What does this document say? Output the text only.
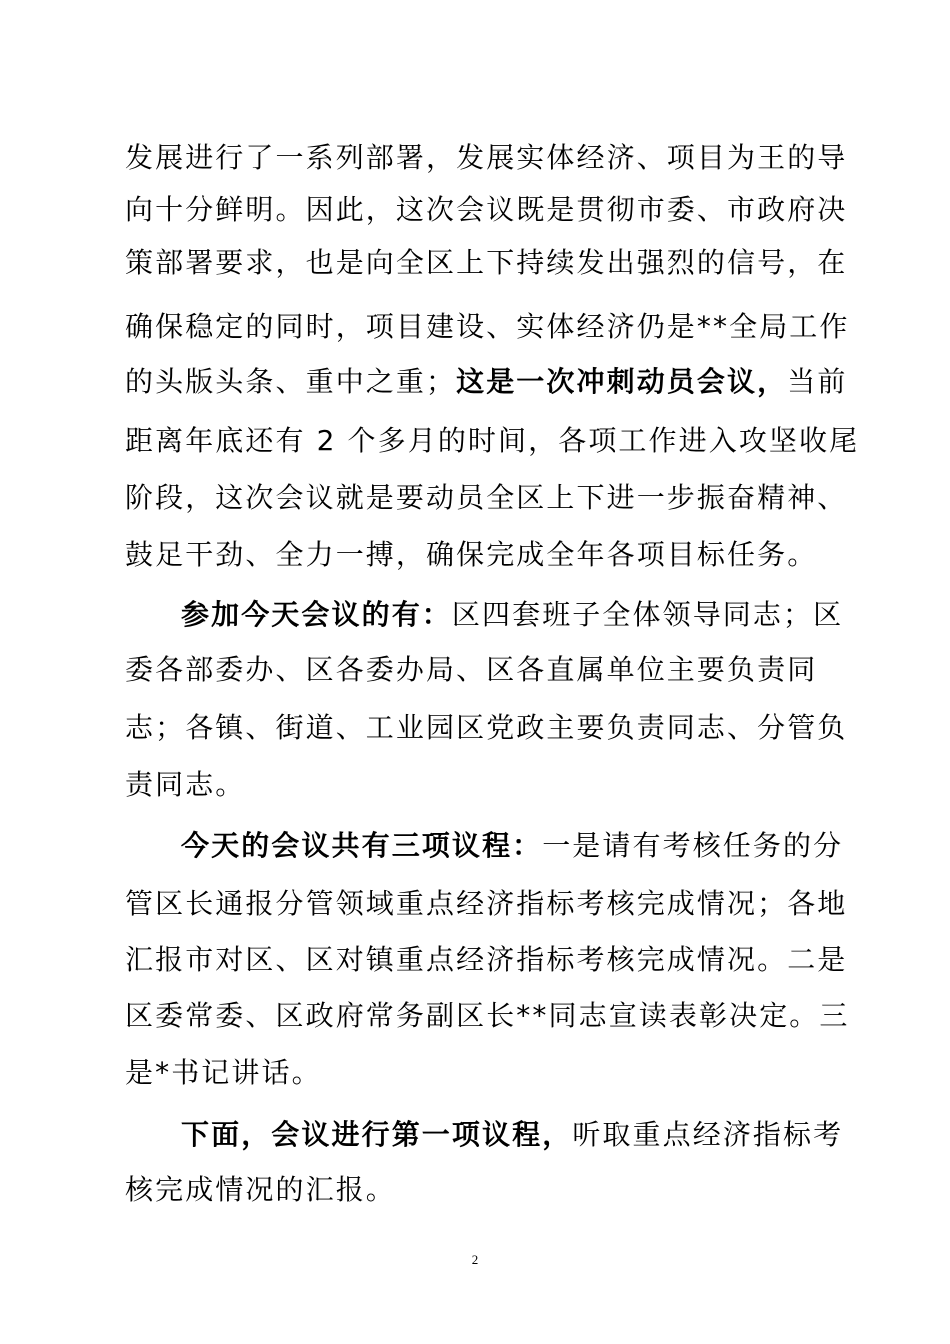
发展进行了一系列部署，发展实体经济、项目为王的导
向十分鲜明。因此，这次会议既是贯彻市委、市政府决
策部署要求，也是向全区上下持续发出强烈的信号，在
确保稳定的同时，项目建设、实体经济仍是**全局工作
的头版头条、重中之重；这是一次冲刺动员会议，当前
距离年底还有 2 个多月的时间，各项工作进入攻坚收尾
阶段，这次会议就是要动员全区上下进一步振奋精神、
鼓足干劲、全力一搏，确保完成全年各项目标任务。
参加今天会议的有：区四套班子全体领导同志；区
委各部委办、区各委办局、区各直属单位主要负责同
志；各镇、街道、工业园区党政主要负责同志、分管负
责同志。
今天的会议共有三项议程：一是请有考核任务的分
管区长通报分管领域重点经济指标考核完成情况；各地
汇报市对区、区对镇重点经济指标考核完成情况。二是
区委常委、区政府常务副区长**同志宣读表彰决定。三
是*书记讲话。
下面，会议进行第一项议程，听取重点经济指标考
核完成情况的汇报。
2
